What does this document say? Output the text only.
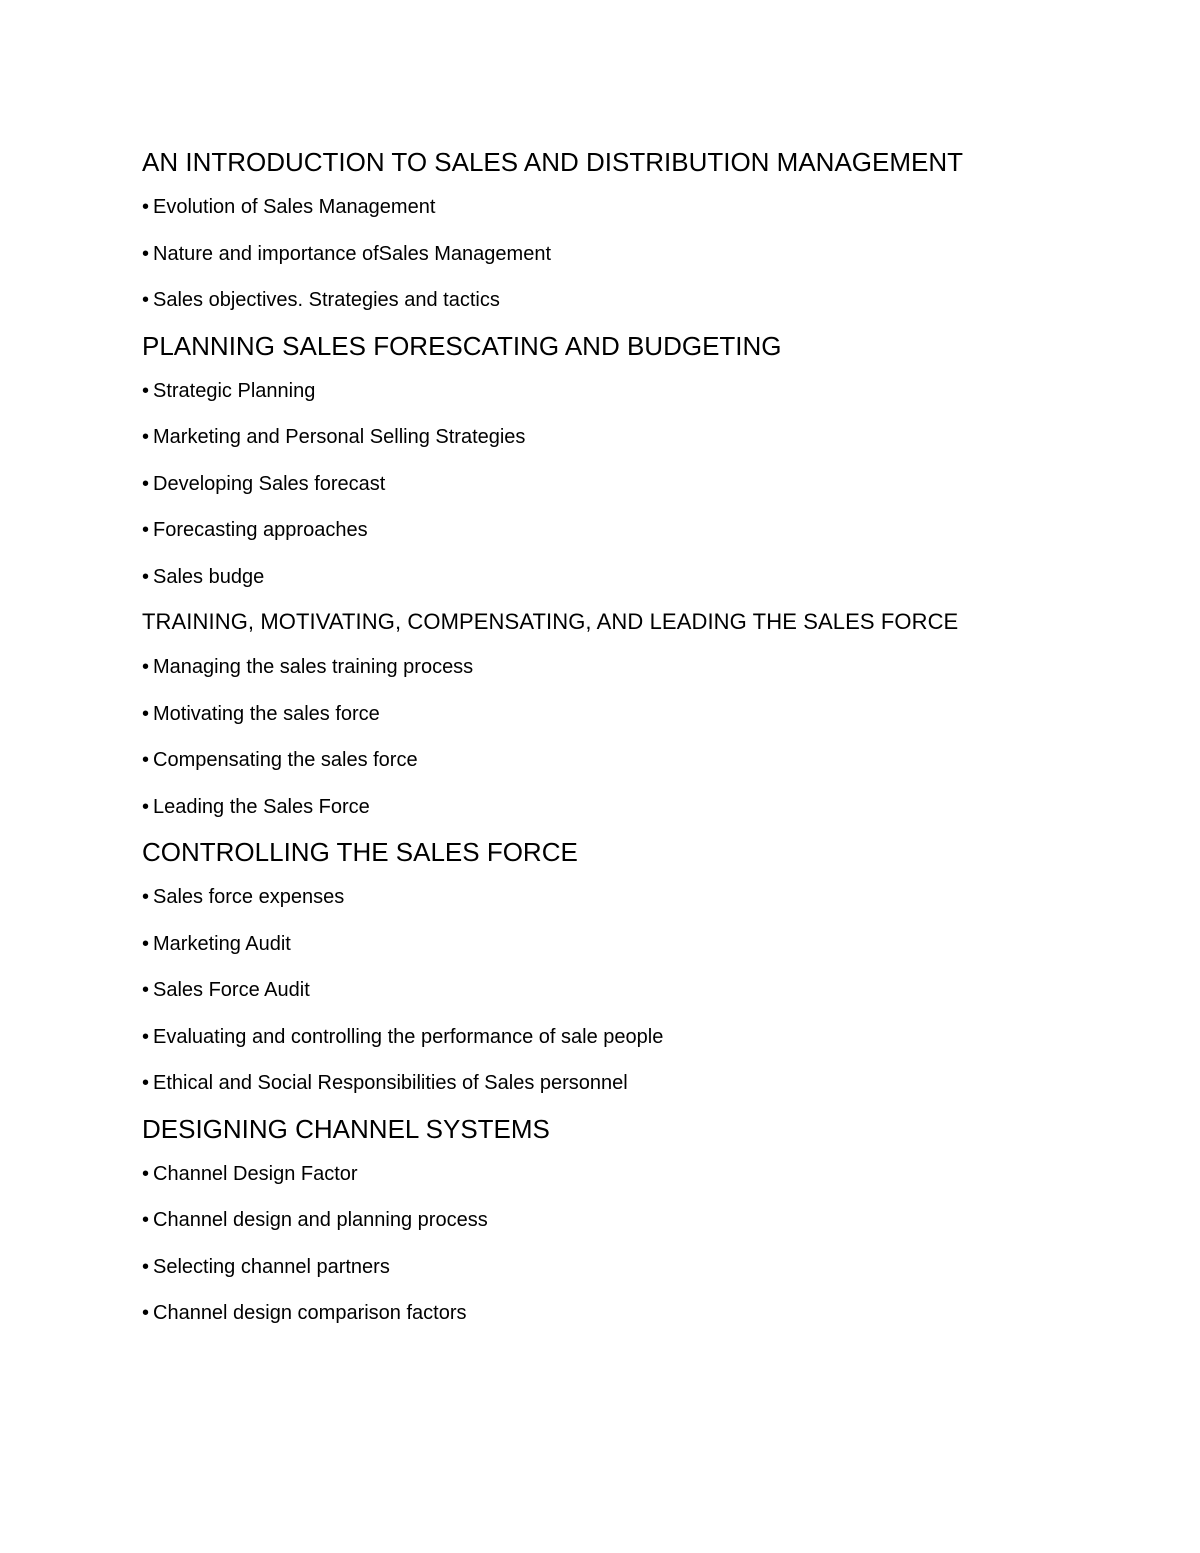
AN INTRODUCTION TO SALES AND DISTRIBUTION MANAGEMENT
• Evolution of Sales Management
• Nature and importance ofSales Management
• Sales objectives. Strategies and tactics
PLANNING SALES FORESCATING AND BUDGETING
• Strategic Planning
• Marketing and Personal Selling Strategies
• Developing Sales forecast
• Forecasting approaches
• Sales budge
TRAINING, MOTIVATING, COMPENSATING, AND LEADING THE SALES FORCE
• Managing the sales training process
• Motivating the sales force
• Compensating the sales force
• Leading the Sales Force
CONTROLLING THE SALES FORCE
• Sales force expenses
• Marketing Audit
• Sales Force Audit
• Evaluating and controlling the performance of sale people
• Ethical and Social Responsibilities of Sales personnel
DESIGNING CHANNEL SYSTEMS
• Channel Design Factor
• Channel design and planning process
• Selecting channel partners
• Channel design comparison factors
